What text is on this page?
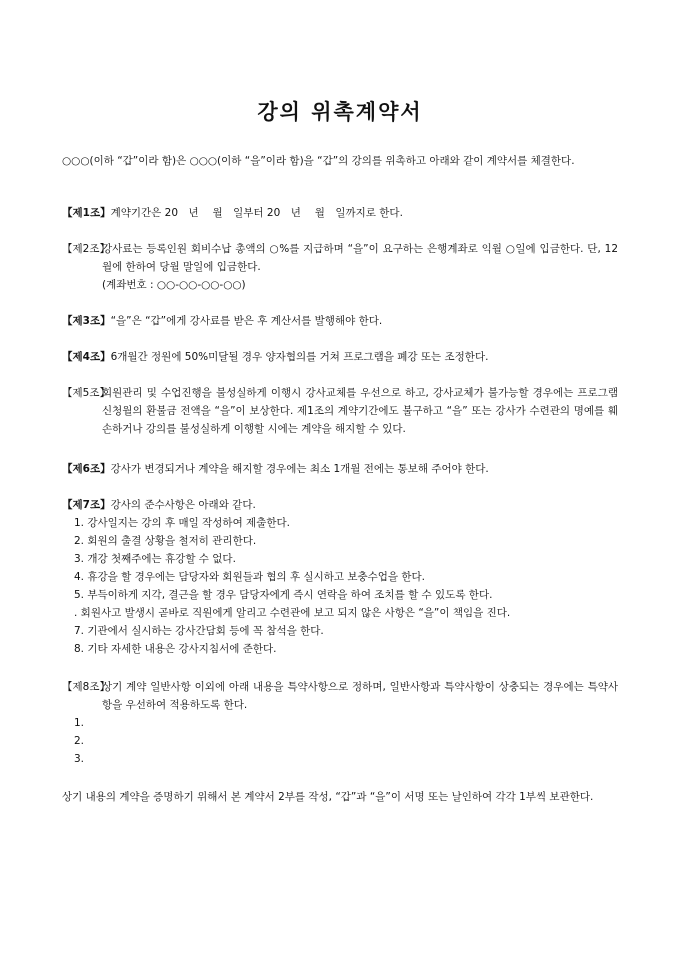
강의 위촉계약서
○○○(이하 “갑”이라 함)은 ○○○(이하 “을”이라 함)을 “갑”의 강의를 위촉하고 아래와 같이 계약서를 체결한다.
【제1조】계약기간은 20　년　 월　일부터 20　년　 월　일까지로 한다.
【제2조】
강사료는 등록인원 회비수납 총액의 ○%를 지급하며 “을”이 요구하는 은행계좌로 익월 ○일에 입금한다. 단, 12월에 한하여 당월 말일에 입금한다.
(계좌번호 : ○○-○○-○○-○○)
【제3조】“을”은 “갑”에게 강사료를 받은 후 계산서를 발행해야 한다.
【제4조】6개월간 정원에 50%미달될 경우 양자협의를 거쳐 프로그램을 폐강 또는 조정한다.
【제5조】
회원관리 및 수업진행을 불성실하게 이행시 강사교체를 우선으로 하고, 강사교체가 불가능할 경우에는 프로그램 신청월의 환불금 전액을 “을”이 보상한다. 제1조의 계약기간에도 불구하고 “을” 또는 강사가 수련관의 명예를 훼손하거나 강의를 불성실하게 이행할 시에는 계약을 해지할 수 있다.
【제6조】강사가 변경되거나 계약을 해지할 경우에는 최소 1개월 전에는 통보해 주어야 한다.
【제7조】강사의 준수사항은 아래와 같다.
1. 강사일지는 강의 후 매일 작성하여 제출한다.
2. 회원의 출결 상황을 철저히 관리한다.
3. 개강 첫째주에는 휴강할 수 없다.
4. 휴강을 할 경우에는 담당자와 회원들과 협의 후 실시하고 보충수업을 한다.
5. 부득이하게 지각, 결근을 할 경우 담당자에게 즉시 연락을 하여 조치를 할 수 있도록 한다.
. 회원사고 발생시 곧바로 직원에게 알리고 수련관에 보고 되지 않은 사항은 “을”이 책임을 진다.
7. 기관에서 실시하는 강사간담회 등에 꼭 참석을 한다.
8. 기타 자세한 내용은 강사지침서에 준한다.
【제8조】
상기 계약 일반사항 이외에 아래 내용을 특약사항으로 정하며, 일반사항과 특약사항이 상충되는 경우에는 특약사항을 우선하여 적용하도록 한다.
1.
2.
3.
상기 내용의 계약을 증명하기 위해서 본 계약서 2부를 작성, “갑”과 “을”이 서명 또는 날인하여 각각 1부씩 보관한다.
